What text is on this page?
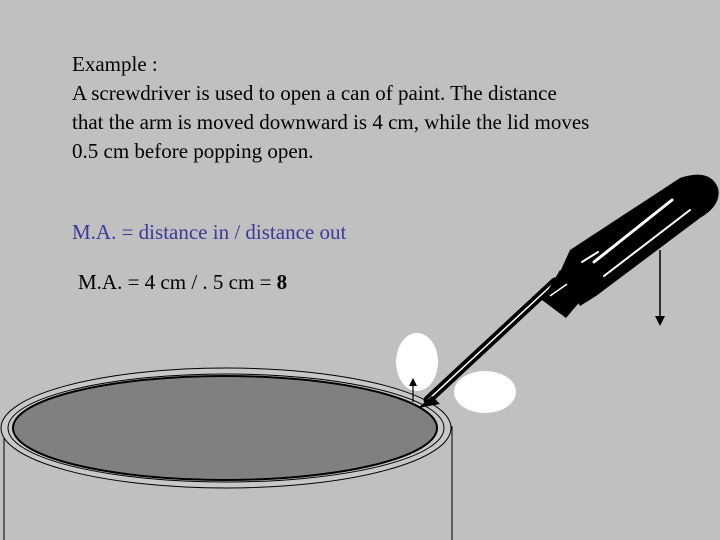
Example :
A screwdriver is used to open a can of paint. The distance
that the arm is moved downward is 4 cm, while the lid moves
0.5 cm before popping open.
M.A. = distance in / distance out
M.A. = 4 cm / . 5 cm = 8
